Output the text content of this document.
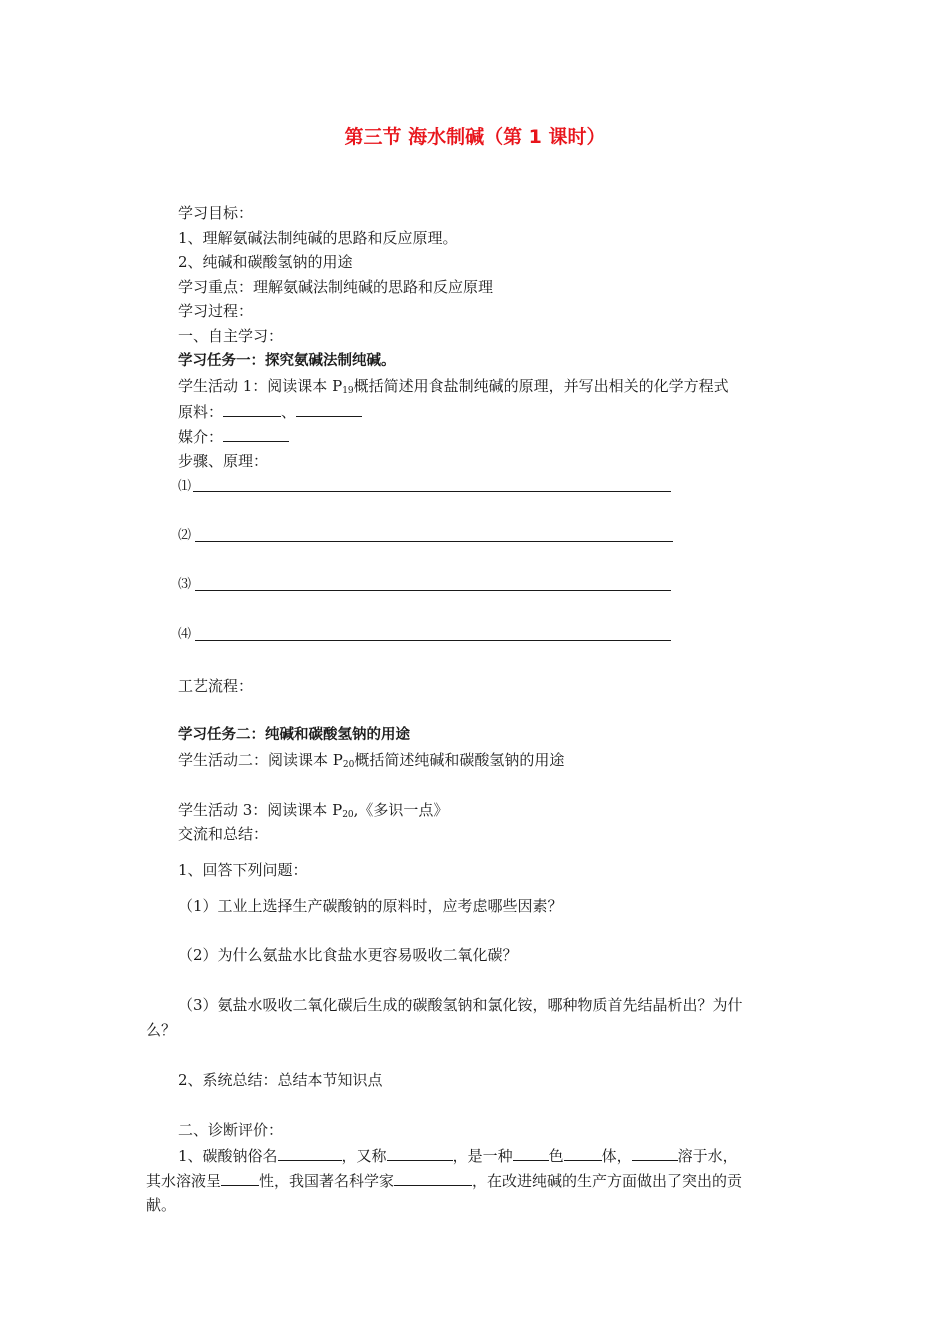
第三节 海水制碱（第 1 课时）
学习目标：
1、理解氨碱法制纯碱的思路和反应原理。
2、纯碱和碳酸氢钠的用途
学习重点：理解氨碱法制纯碱的思路和反应原理
学习过程：
一、自主学习：
学习任务一：探究氨碱法制纯碱。
学生活动 1：阅读课本 $P_{19}$概括简述用食盐制纯碱的原理，并写出相关的化学方程式
原料：	、
媒介：
步骤、原理：
⑴
⑵
⑶
⑷
工艺流程：
学习任务二：纯碱和碳酸氢钠的用途
学生活动二：阅读课本 $P_{20}$概括简述纯碱和碳酸氢钠的用途
学生活动 3：阅读课本 $P_{20}$,《多识一点》
交流和总结：
1、回答下列问题：
（1）工业上选择生产碳酸钠的原料时，应考虑哪些因素？
（2）为什么氨盐水比食盐水更容易吸收二氧化碳？
（3）氨盐水吸收二氧化碳后生成的碳酸氢钠和氯化铵，哪种物质首先结晶析出？为什
么？
2、系统总结：总结本节知识点
二、诊断评价：
1、碳酸钠俗名	，又称	，是一种 色	体，	溶于水，
其水溶液呈	性，我国著名科学家	，在改进纯碱的生产方面做出了突出的贡
献。
